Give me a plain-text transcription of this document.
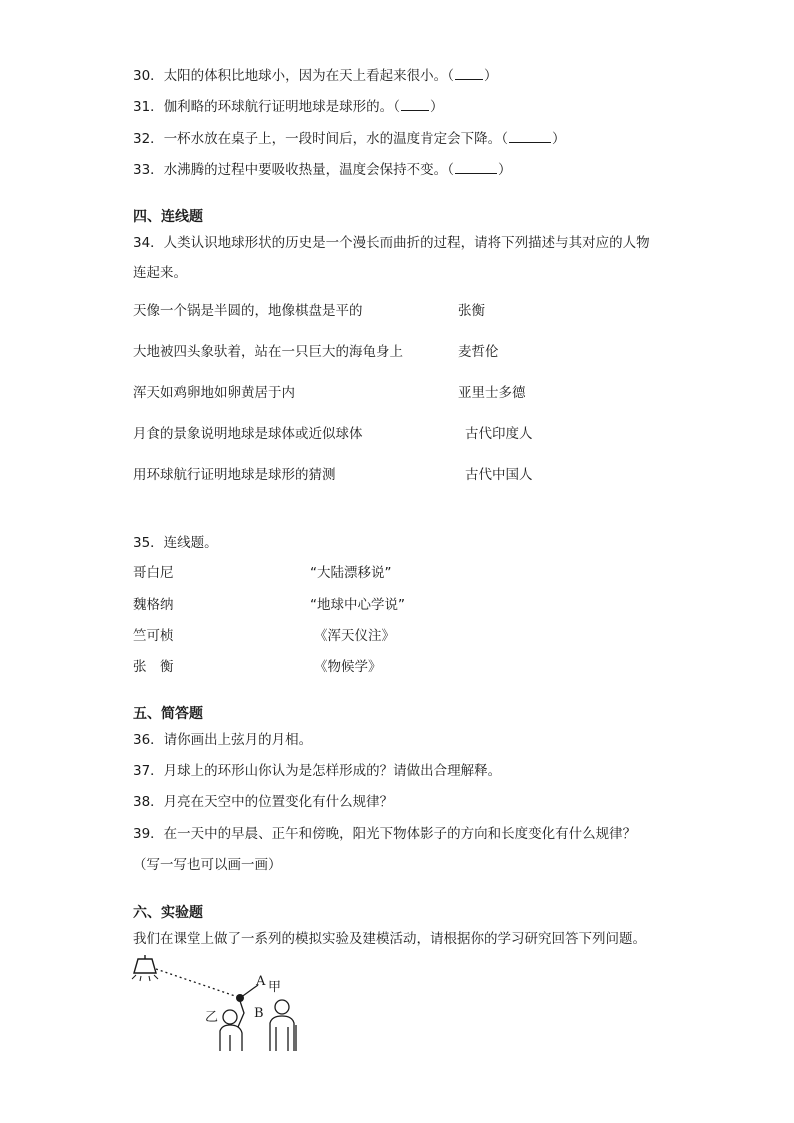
30．太阳的体积比地球小，因为在天上看起来很小。（ ）
31．伽利略的环球航行证明地球是球形的。（ ）
32．一杯水放在桌子上，一段时间后，水的温度肯定会下降。（	）
33．水沸腾的过程中要吸收热量，温度会保持不变。（	）
四、连线题
34．人类认识地球形状的历史是一个漫长而曲折的过程，请将下列描述与其对应的人物
连起来。
天像一个锅是半圆的，地像棋盘是平的	张衡
大地被四头象驮着，站在一只巨大的海龟身上	麦哲伦
浑天如鸡卵地如卵黄居于内	亚里士多德
月食的景象说明地球是球体或近似球体	古代印度人
用环球航行证明地球是球形的猜测	古代中国人
35．连线题。
哥白尼	“大陆漂移说”
魏格纳	“地球中心学说”
竺可桢	《浑天仪注》
张　衡	《物候学》
五、简答题
36．请你画出上弦月的月相。
37．月球上的环形山你认为是怎样形成的？请做出合理解释。
38．月亮在天空中的位置变化有什么规律？
39．在一天中的早晨、正午和傍晚，阳光下物体影子的方向和长度变化有什么规律？
（写一写也可以画一画）
六、实验题
我们在课堂上做了一系列的模拟实验及建模活动，请根据你的学习研究回答下列问题。
A 甲
B
乙
